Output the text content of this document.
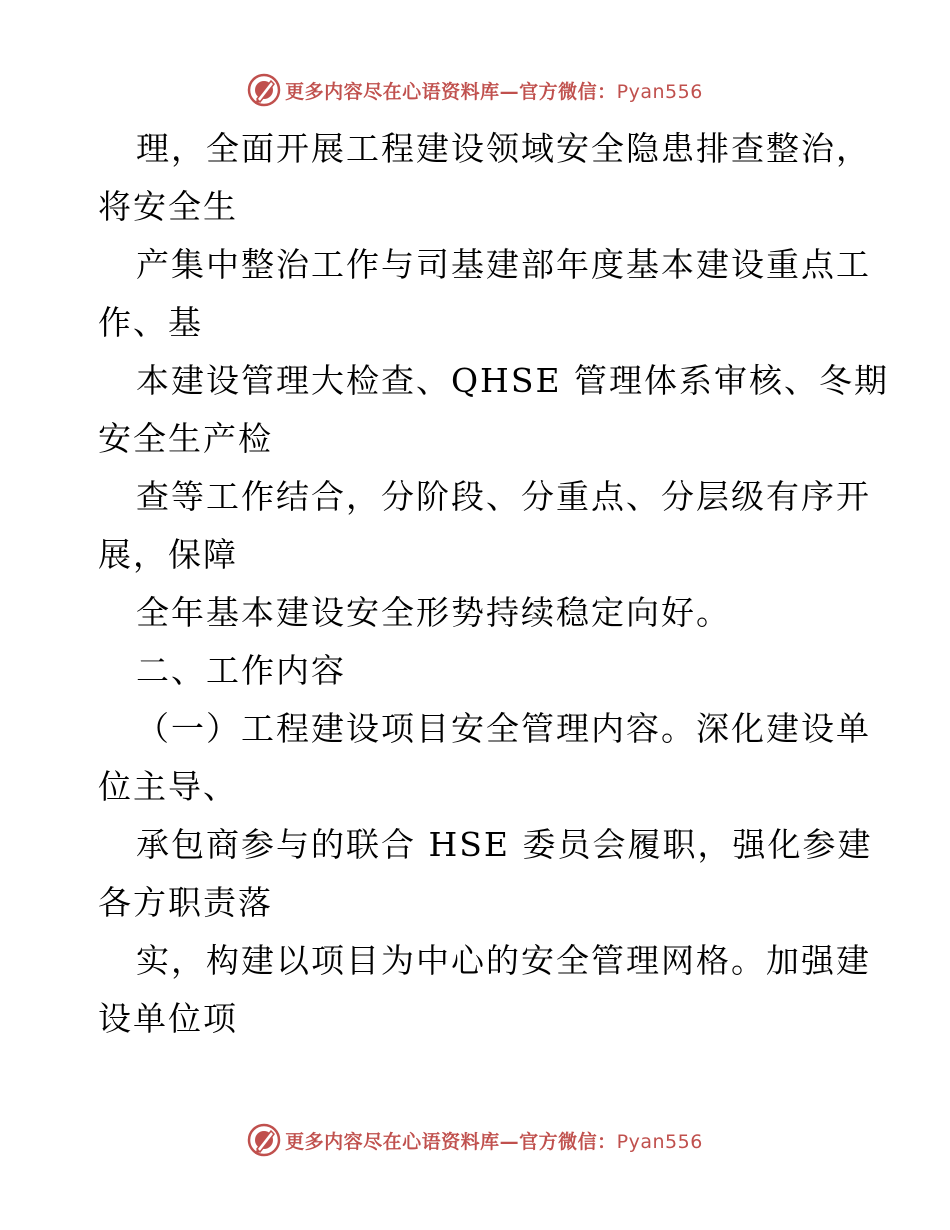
更多内容尽在心语资料库—官方微信：Pyan556
理，全面开展工程建设领域安全隐患排查整治，
将安全生
产集中整治工作与司基建部年度基本建设重点工
作、基
本建设管理大检查、QHSE 管理体系审核、冬期
安全生产检
查等工作结合，分阶段、分重点、分层级有序开
展，保障
全年基本建设安全形势持续稳定向好。
二、工作内容
（一）工程建设项目安全管理内容。深化建设单
位主导、
承包商参与的联合 HSE 委员会履职，强化参建
各方职责落
实，构建以项目为中心的安全管理网格。加强建
设单位项
更多内容尽在心语资料库—官方微信：Pyan556
